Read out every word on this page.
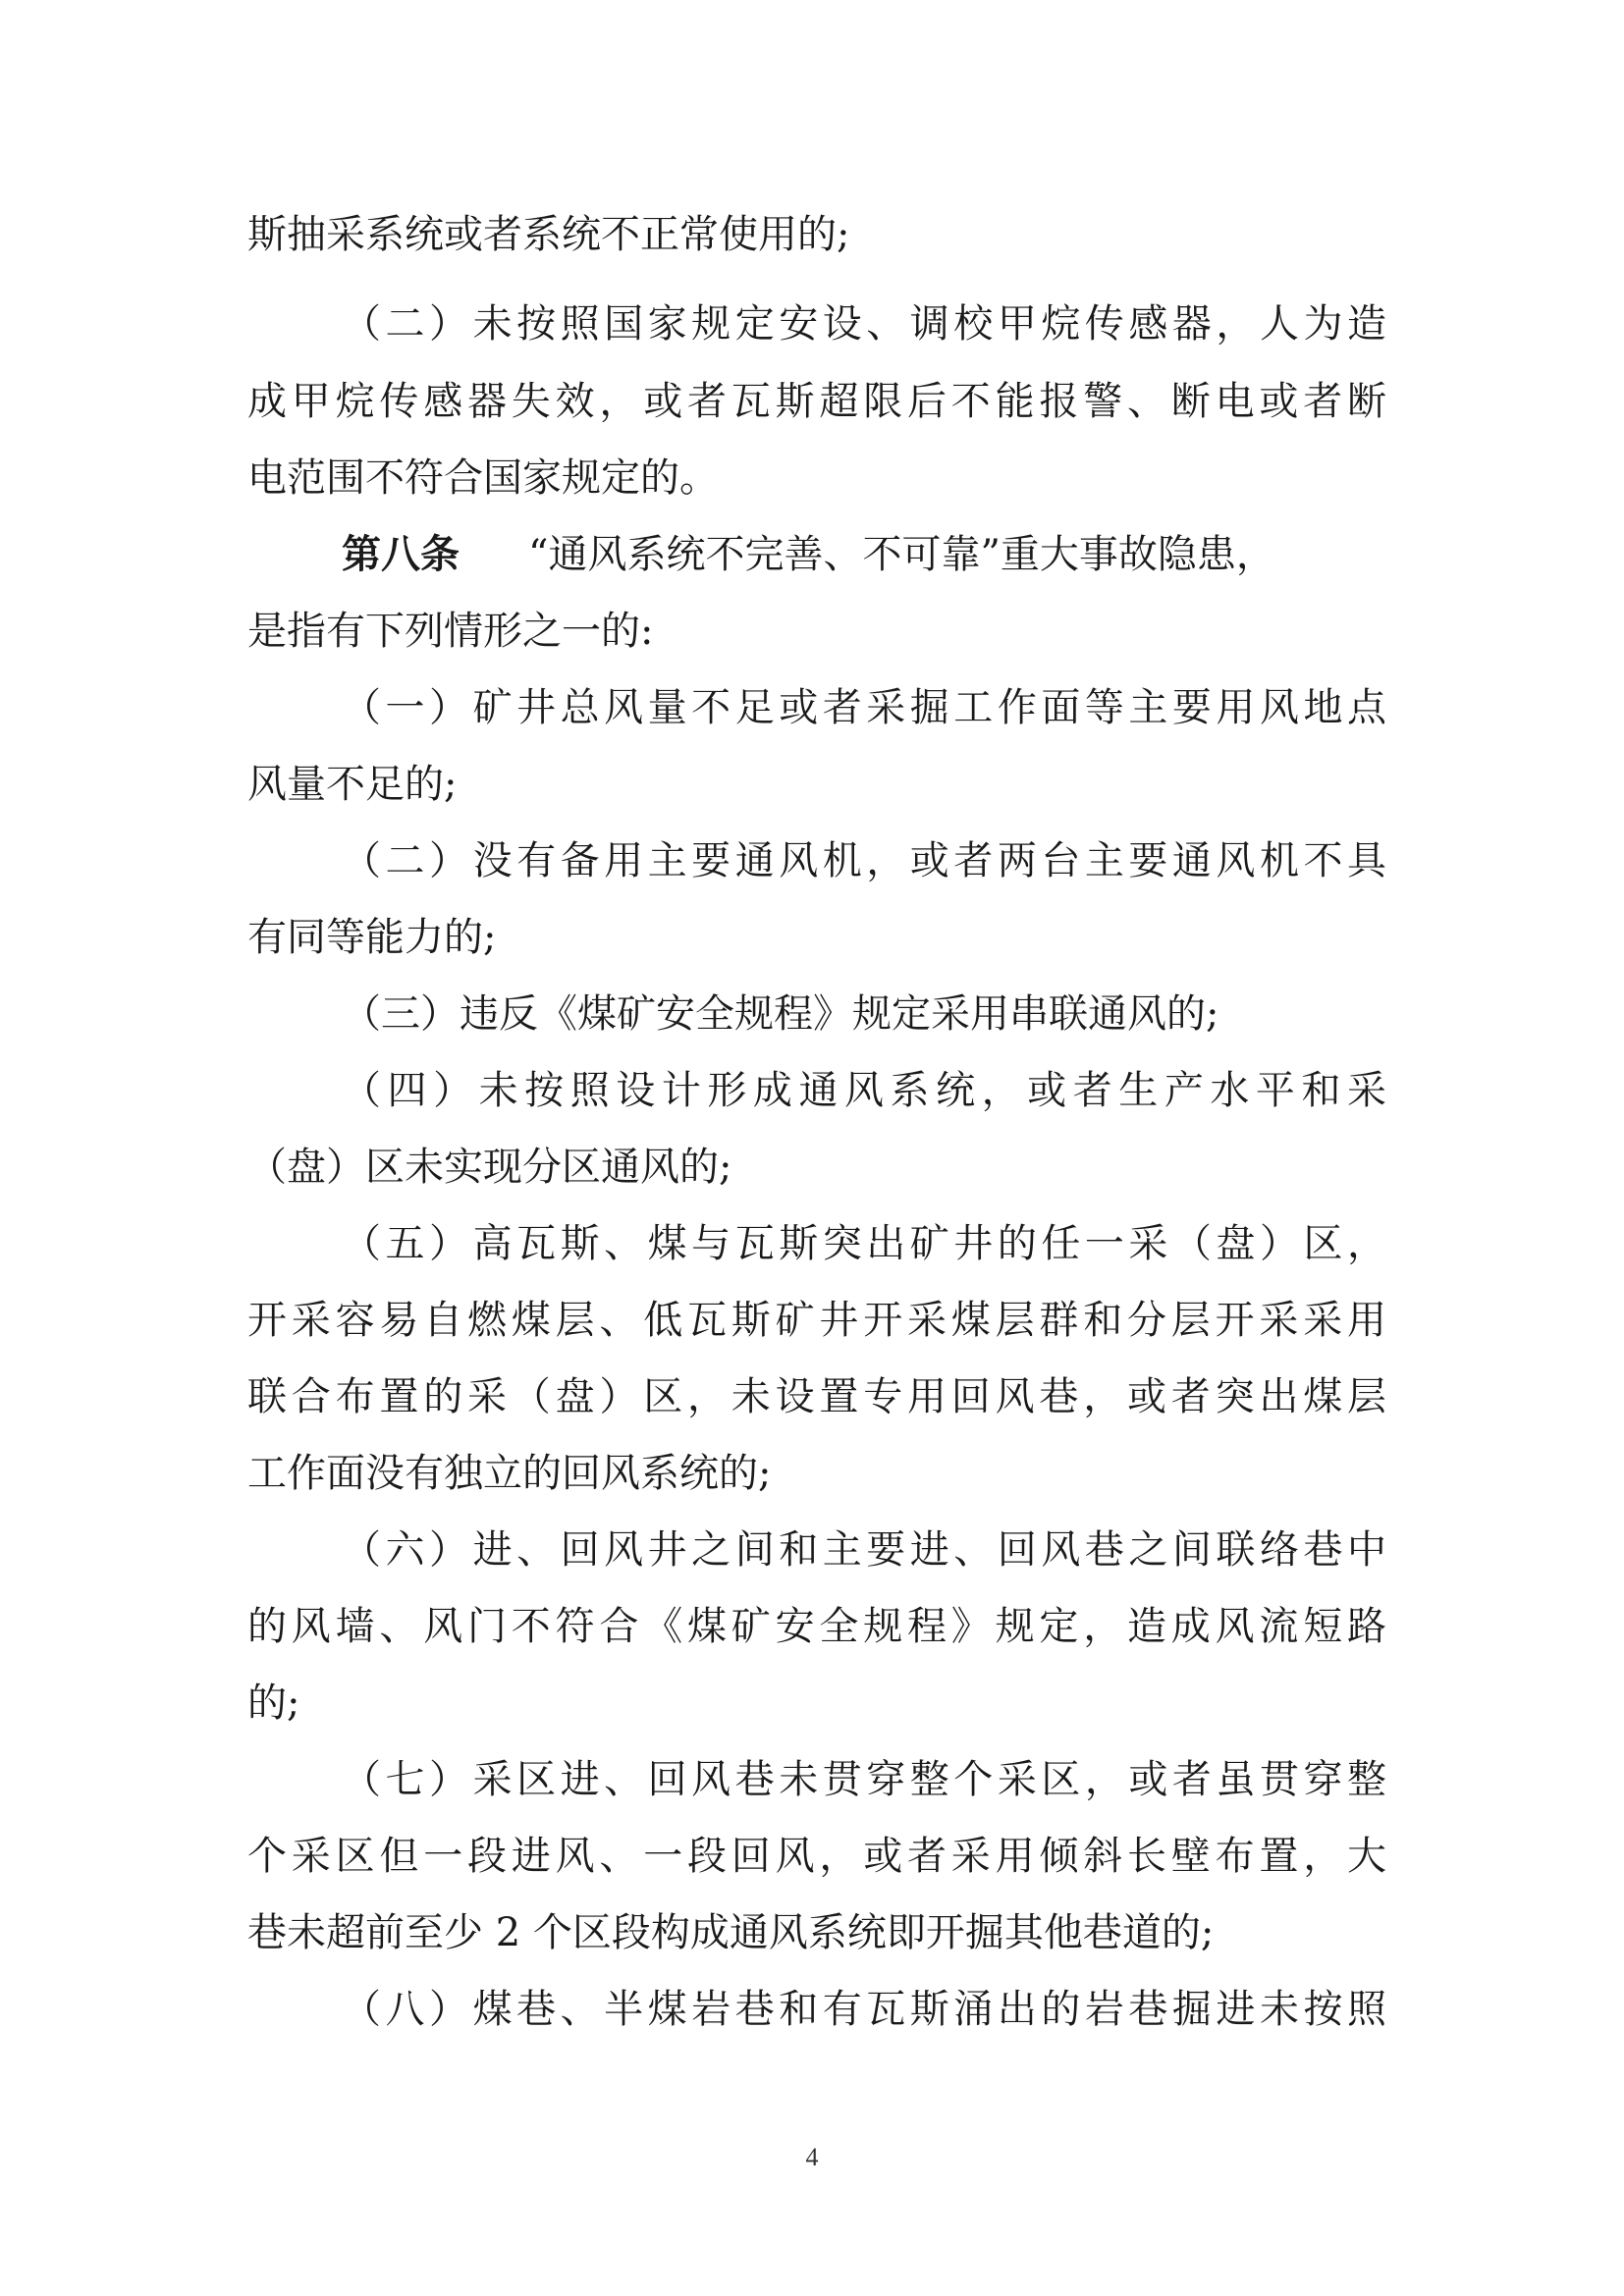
斯抽采系统或者系统不正常使用的;
（二）未按照国家规定安设、调校甲烷传感器，人为造
成甲烷传感器失效，或者瓦斯超限后不能报警、断电或者断
电范围不符合国家规定的。
第八条 “通风系统不完善、不可靠”重大事故隐患，
是指有下列情形之一的:
（一）矿井总风量不足或者采掘工作面等主要用风地点
风量不足的;
（二）没有备用主要通风机，或者两台主要通风机不具
有同等能力的;
（三）违反《煤矿安全规程》规定采用串联通风的;
（四）未按照设计形成通风系统，或者生产水平和采
（盘）区未实现分区通风的;
（五）高瓦斯、煤与瓦斯突出矿井的任一采（盘）区，
开采容易自燃煤层、低瓦斯矿井开采煤层群和分层开采采用
联合布置的采（盘）区，未设置专用回风巷，或者突出煤层
工作面没有独立的回风系统的;
（六）进、回风井之间和主要进、回风巷之间联络巷中
的风墙、风门不符合《煤矿安全规程》规定，造成风流短路
的;
（七）采区进、回风巷未贯穿整个采区，或者虽贯穿整
个采区但一段进风、一段回风，或者采用倾斜长壁布置，大
巷未超前至少 2 个区段构成通风系统即开掘其他巷道的;
（八）煤巷、半煤岩巷和有瓦斯涌出的岩巷掘进未按照
4
